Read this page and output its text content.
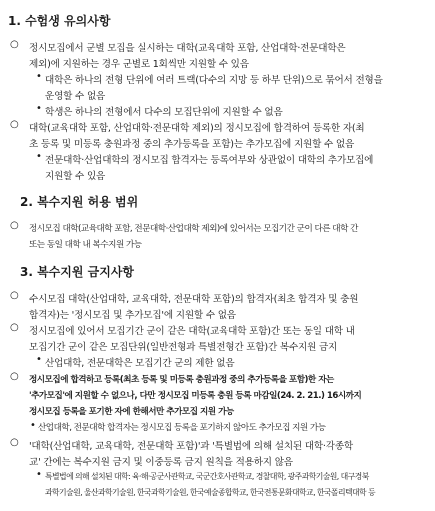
1. 수험생 유의사항
○ 정시모집에서 군별 모집을 실시하는 대학(교육대학 포함, 산업대학·전문대학은
제외)에 지원하는 경우 군별로 1회씩만 지원할 수 있음
• 대학은 하나의 전형 단위에 여러 트랙(다수의 지망 등 하부 단위)으로 묶어서 전형을
운영할 수 없음
• 학생은 하나의 전형에서 다수의 모집단위에 지원할 수 없음
○ 대학(교육대학 포함, 산업대학·전문대학 제외)의 정시모집에 합격하여 등록한 자(최
초 등록 및 미등록 충원과정 중의 추가등록을 포함)는 추가모집에 지원할 수 없음
• 전문대학·산업대학의 정시모집 합격자는 등록여부와 상관없이 대학의 추가모집에
지원할 수 있음
2. 복수지원 허용 범위
○ 정시모집 대학(교육대학 포함, 전문대학·산업대학 제외)에 있어서는 모집기간 군이 다른 대학 간
또는 동일 대학 내 복수지원 가능
3. 복수지원 금지사항
○ 수시모집 대학(산업대학, 교육대학, 전문대학 포함)의 합격자(최초 합격자 및 충원
합격자)는 '정시모집 및 추가모집'에 지원할 수 없음
○ 정시모집에 있어서 모집기간 군이 같은 대학(교육대학 포함)간 또는 동일 대학 내
모집기간 군이 같은 모집단위(일반전형과 특별전형간 포함)간 복수지원 금지
• 산업대학, 전문대학은 모집기간 군의 제한 없음
○ 정시모집에 합격하고 등록(최초 등록 및 미등록 충원과정 중의 추가등록을 포함)한 자는
'추가모집'에 지원할 수 없으나, 다만 정시모집 미등록 충원 등록 마감일(24. 2. 21.) 16시까지
정시모집 등록을 포기한 자에 한해서만 추가모집 지원 가능
• 산업대학, 전문대학 합격자는 정시모집 등록을 포기하지 않아도 추가모집 지원 가능
○ '대학(산업대학, 교육대학, 전문대학 포함)'과 '특별법에 의해 설치된 대학·각종학
교' 간에는 복수지원 금지 및 이중등록 금지 원칙을 적용하지 않음
• 특별법에 의해 설치된 대학: 육·해·공군사관학교, 국군간호사관학교, 경찰대학, 광주과학기술원, 대구경북
과학기술원, 울산과학기술원, 한국과학기술원, 한국예술종합학교, 한국전통문화대학교, 한국폴리텍대학 등
